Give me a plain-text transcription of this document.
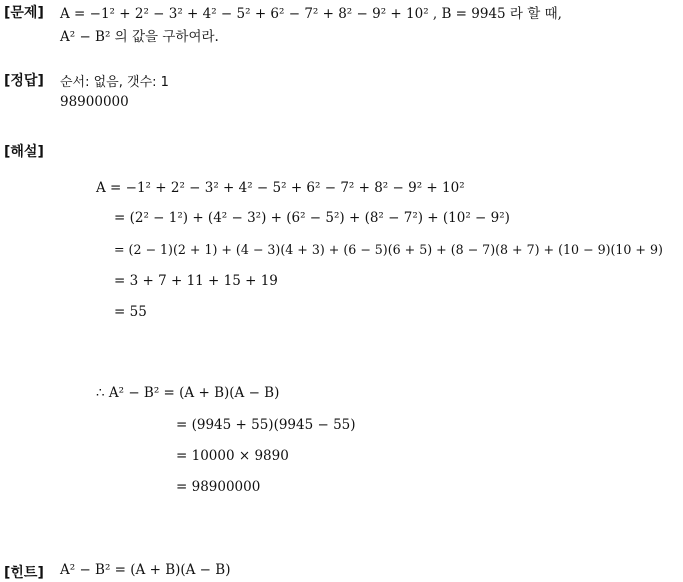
[문제] A = −1² + 2² − 3² + 4² − 5² + 6² − 7² + 8² − 9² + 10² , B = 9945 라 할 때,
A² − B² 의 값을 구하여라.
[정답] 순서: 없음, 갯수: 1
98900000
[해설]
A = −1² + 2² − 3² + 4² − 5² + 6² − 7² + 8² − 9² + 10²
= (2² − 1²) + (4² − 3²) + (6² − 5²) + (8² − 7²) + (10² − 9²)
= (2 − 1)(2 + 1) + (4 − 3)(4 + 3) + (6 − 5)(6 + 5) + (8 − 7)(8 + 7) + (10 − 9)(10 + 9)
= 3 + 7 + 11 + 15 + 19
= 55
∴ A² − B² = (A + B)(A − B)
= (9945 + 55)(9945 − 55)
= 10000 × 9890
= 98900000
[힌트] A² − B² = (A + B)(A − B)
